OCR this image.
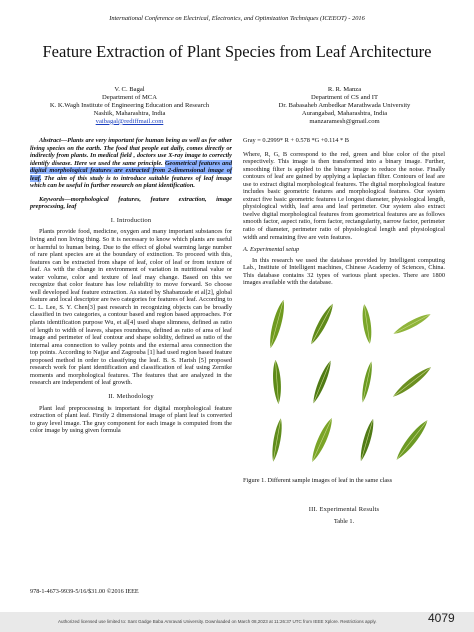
International Conference on Electrical, Electronics, and Optimization Techniques (ICEEOT) - 2016
Feature Extraction of Plant Species from Leaf Architecture
V. C. Bagal
Department of MCA
K. K.Wagh Institute of Engineering Education and Research
Nashik, Maharashtra, India
vaibagal@rediffmail.com
R. R. Manza
Department of CS and IT
Dr. Babasaheb Ambedkar Marathwada University
Aurangabad, Maharashtra, India
manzaramesh@gmail.com

Abstract—Plants are very important for human being as well as for other living species on the earth. The food that people eat daily, comes directly or indirectly from plants. In medical field , doctors use X-ray image to correctly identify disease. Here we used the same principle. Geometrical features and digital morphological features are extracted from 2-dimensional image of leaf. The aim of this study is to introduce suitable features of leaf image which can be useful in further research on plant identification.

Keywords—morphological features, feature extraction, image preprocssing, leaf

I. Introduction

Plants provide food, medicine, oxygen and many important substances for living and non living thing. So it is necessary to know which plants are useful or harmful to human being. Due to the effect of global warming large number of rare plant species are at the boundary of extinction. To proceed with this, features can be extracted from shape of leaf, color of leaf or from texture of leaf. As with the change in environment of variation in nutritional value or water volume, color and texture of leaf may change. Based on this we recognize that color feature has low reliability to move forward. So choose well developed leaf feature extraction. As stated by Shabanzade et al[2], global feature and local descriptor are two categories for features of leaf. According to C. L. Lee, S. Y. Chen[3] past research in recognizing objects can be broadly classified in two categories, a contour based and region based approaches. For plants identification purpose Wu, et al[4] used shape slimness, defined as ratio of length to width of leaves, shapes roundness, defined as ratio of area of leaf image and perimeter of leaf contour and shape solidity, defined as ratio of the internal area connection to valley points and the external area connection the top points. According to Najjar and Zagrouba [1] had used region based feature proposed method in order to classifying the leaf. B. S. Harish [5] proposed research work for plant identification and classification of leaf using Zernike moments and morphological features. The features that are analyzed in the research are independent of leaf growth.

II. Methodology

Plant leaf preprocessing is important for digital morphological feature extraction of plant leaf. Firstly 2 dimensional image of plant leaf is converted to gray level image. The gray component for each image is computed from the color image by using given formula

Gray = 0.2999* R + 0.578 *G +0.114 * B

Where, R, G, B correspond to the red, green and blue color of the pixel respectively. This image is then transformed into a binary image. Further, smoothing filter is applied to the binary image to reduce the noise. Finally contours of leaf are gained by applying a laplacian filter. Contours of leaf are use to extract digital morphological features. The digital morphological feature includes basic geometric features and morphological features. Our system extract five basic geometric features i.e longest diameter, physiological length, physiological width, leaf area and leaf perimeter. Our system also extract twelve digital morphological features from geometrical features are as follows smooth factor, aspect ratio, form factor, rectangularity, narrow factor, perimeter ratio of diameter, perimeter ratio of physiological length and physiological width and remaining five are vein features.

A. Experimental setup

In this research we used the database provided by Intelligent computing Lab., Institute of Intelligent machines, Chinese Academy of Sciences, China. This database contains 32 types of various plant species. There are 1800 images available with the database.

Figure 1. Different sample images of leaf in the same class
III. Experimental Results
Table 1.
978-1-4673-9939-5/16/$31.00 ©2016 IEEE
Authorized licensed use limited to: Sant Gadge Baba Amravati University. Downloaded on March 08,2023 at 11:26:37 UTC from IEEE Xplore. Restrictions apply.	4079
